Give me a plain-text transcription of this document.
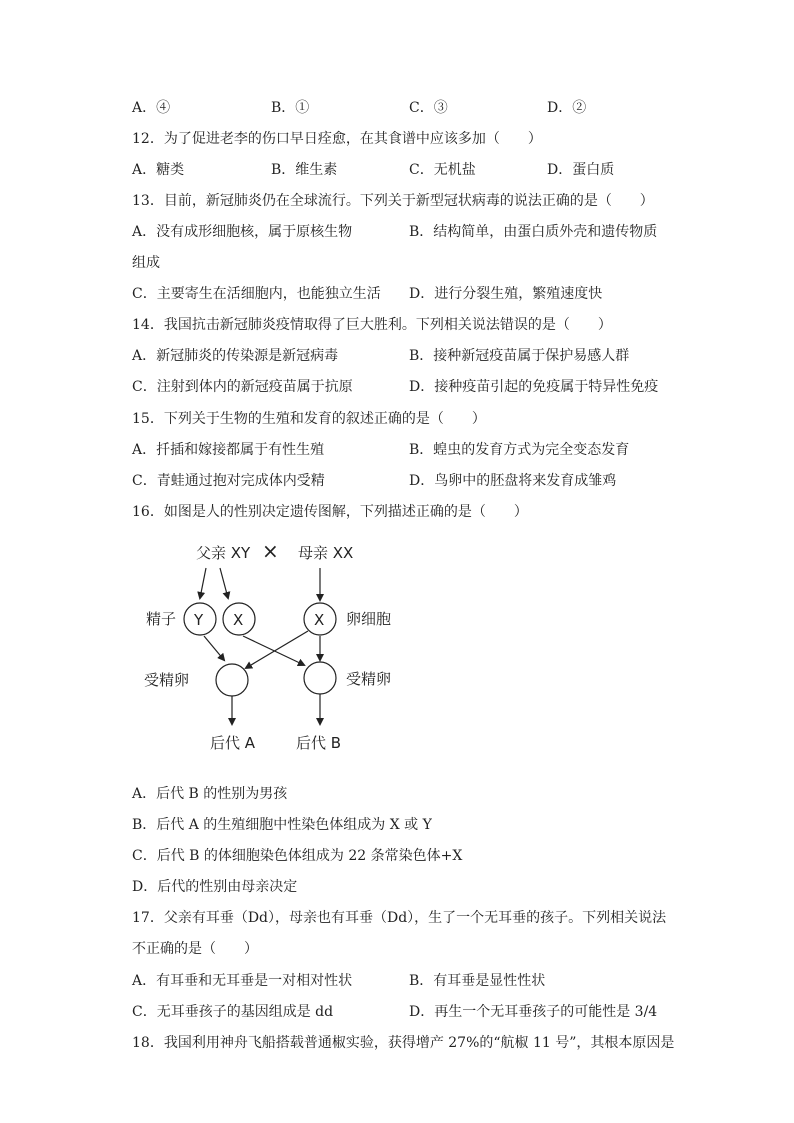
A．④	B．①	C．③	D．②
12．为了促进老李的伤口早日痊愈，在其食谱中应该多加（　　）
A．糖类	B．维生素	C．无机盐	D．蛋白质
13．目前，新冠肺炎仍在全球流行。下列关于新型冠状病毒的说法正确的是（　　）
A．没有成形细胞核，属于原核生物	B．结构简单，由蛋白质外壳和遗传物质
组成
C．主要寄生在活细胞内，也能独立生活 D．进行分裂生殖，繁殖速度快
14．我国抗击新冠肺炎疫情取得了巨大胜利。下列相关说法错误的是（　　）
A．新冠肺炎的传染源是新冠病毒	B．接种新冠疫苗属于保护易感人群
C．注射到体内的新冠疫苗属于抗原	D．接种疫苗引起的免疫属于特异性免疫
15．下列关于生物的生殖和发育的叙述正确的是（　　）
A．扦插和嫁接都属于有性生殖	B．蝗虫的发育方式为完全变态发育
C．青蛙通过抱对完成体内受精	D．鸟卵中的胚盘将来发育成雏鸡
16．如图是人的性别决定遗传图解，下列描述正确的是（　　）
父亲 XY × 母亲 XX
精子 Y X	X 卵细胞
受精卵	受精卵
后代 A	后代 B
A．后代 B 的性别为男孩
B．后代 A 的生殖细胞中性染色体组成为 X 或 Y
C．后代 B 的体细胞染色体组成为 22 条常染色体+X
D．后代的性别由母亲决定
17．父亲有耳垂（Dd），母亲也有耳垂（Dd），生了一个无耳垂的孩子。下列相关说法
不正确的是（　　）
A．有耳垂和无耳垂是一对相对性状	B．有耳垂是显性性状
C．无耳垂孩子的基因组成是 dd	D．再生一个无耳垂孩子的可能性是 3/4
18．我国利用神舟飞船搭载普通椒实验，获得增产 27%的“航椒 11 号”，其根本原因是
